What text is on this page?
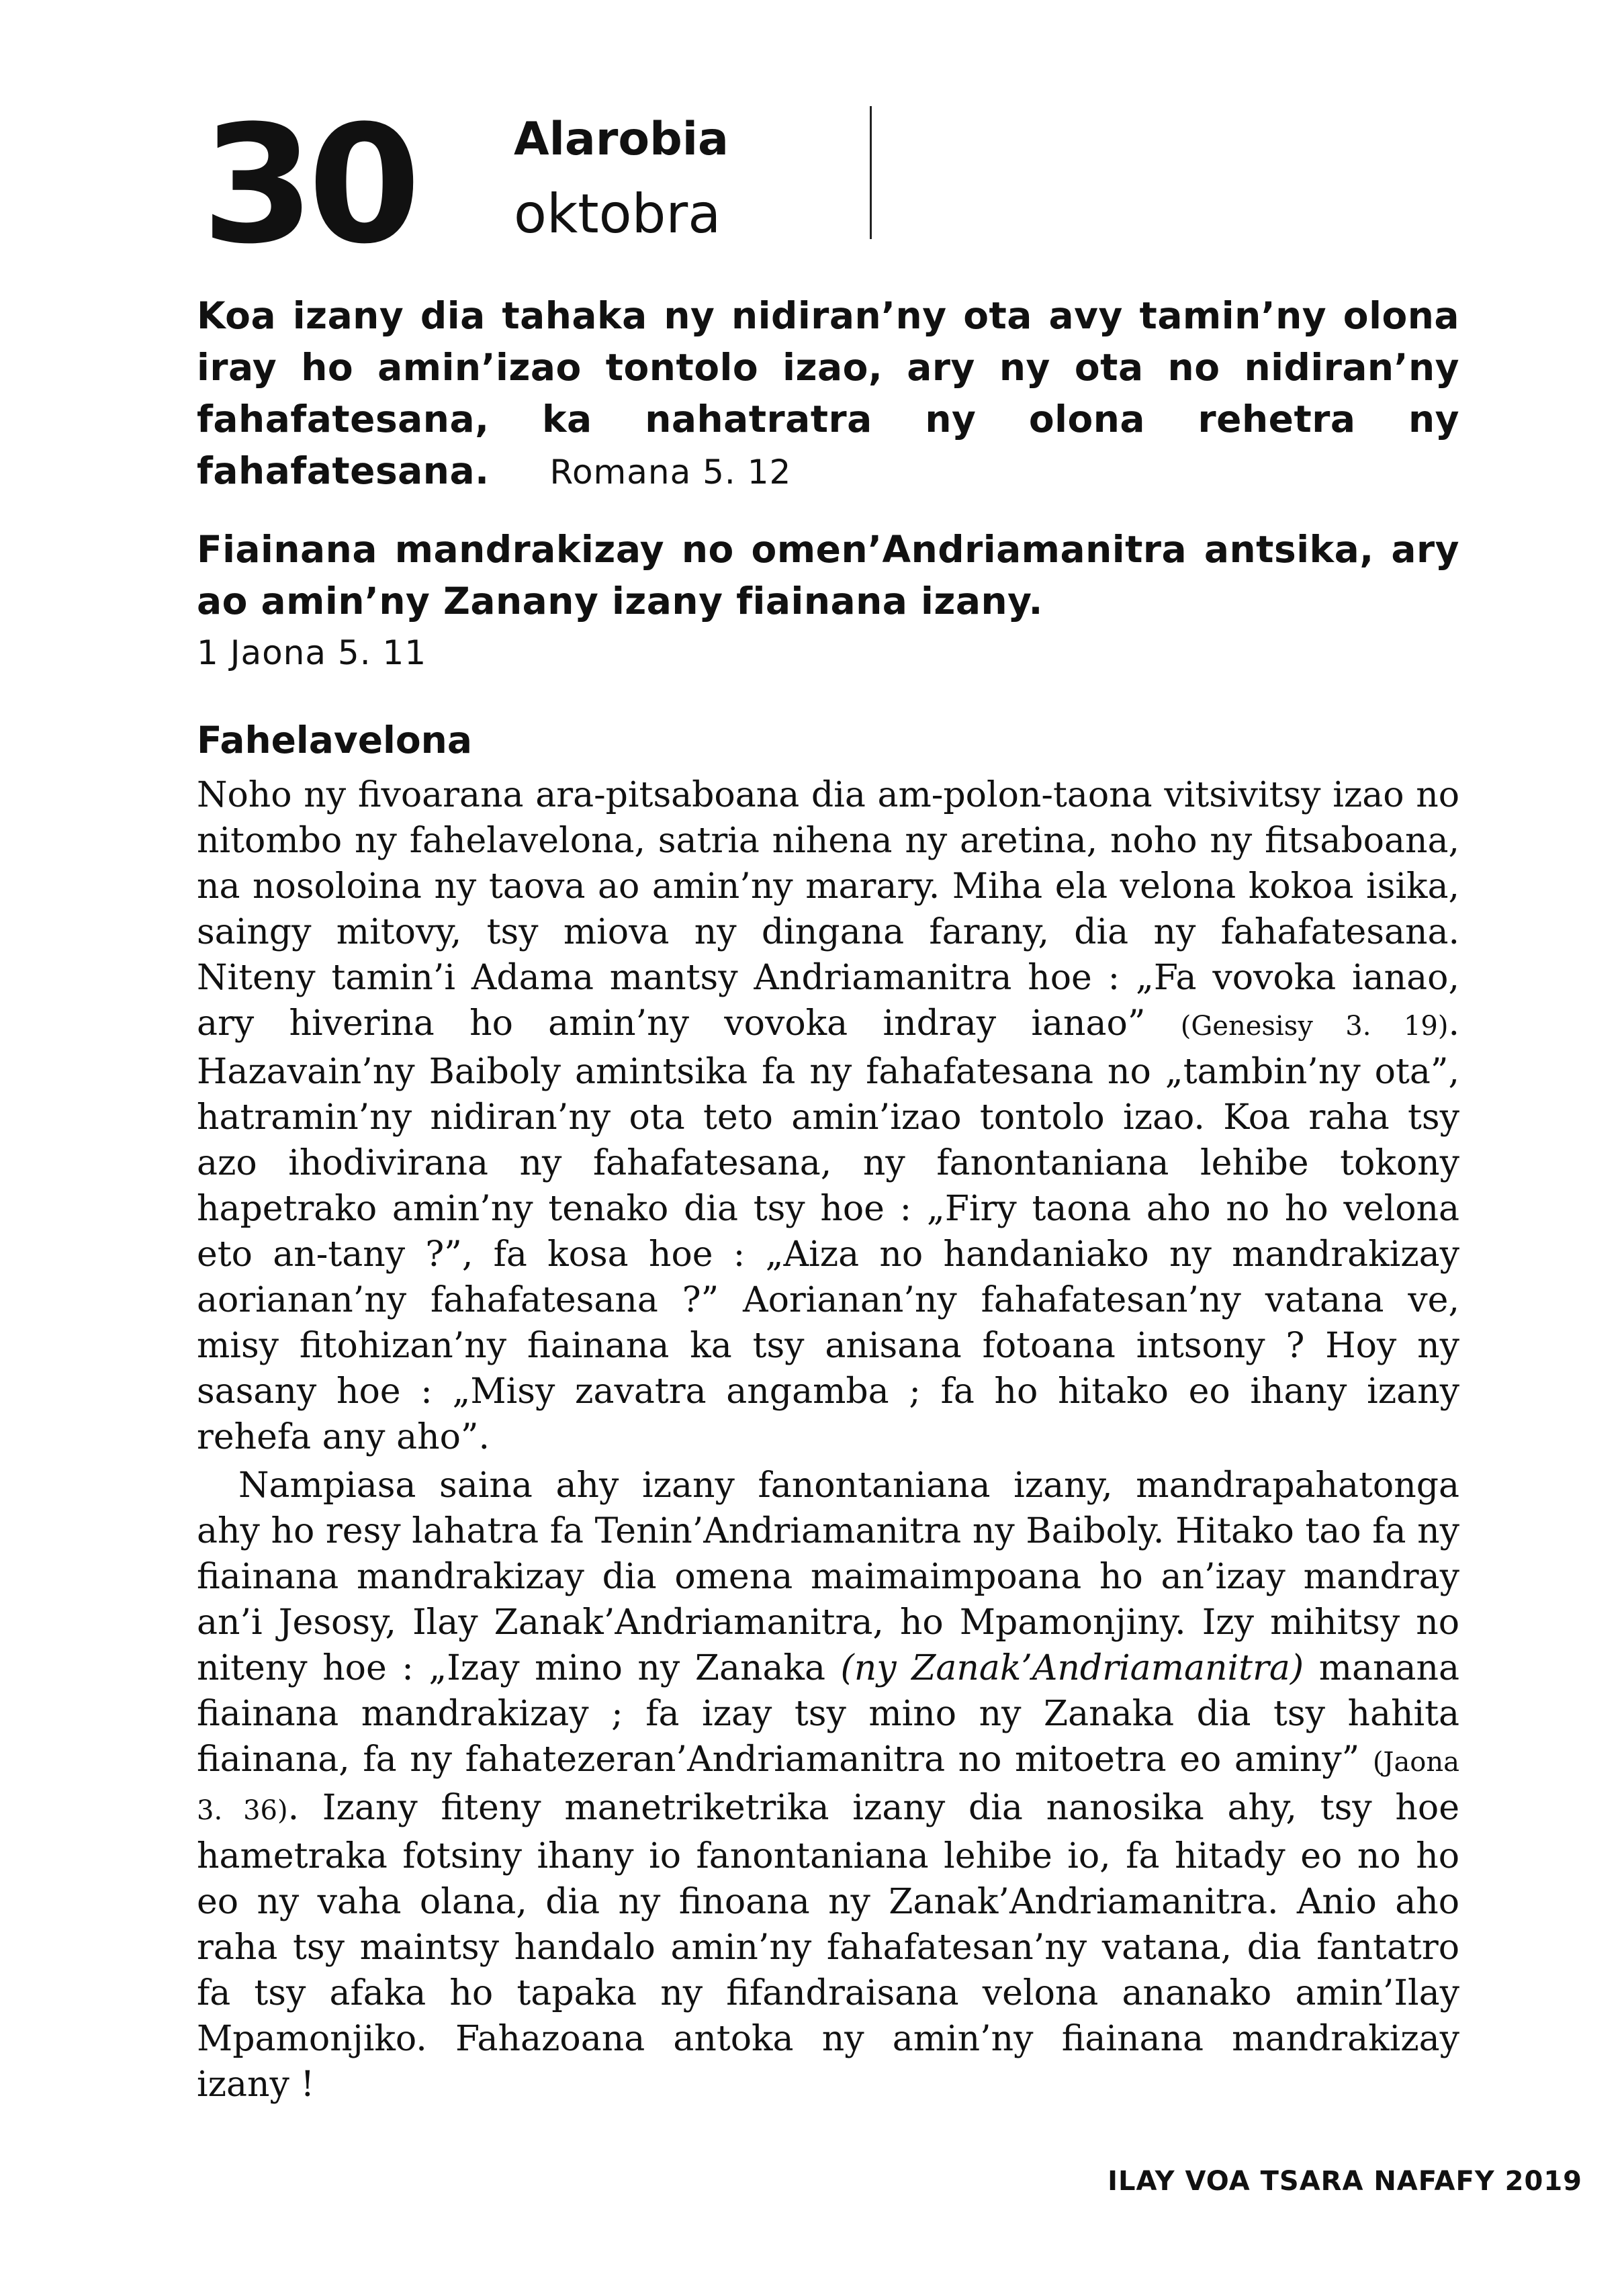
30 Alarobia
oktobra
Koa izany dia tahaka ny nidiran’ny ota avy tamin’ny olona iray ho amin’izao tontolo izao, ary ny ota no nidiran’ny fahafatesana, ka nahatratra ny olona rehetra ny fahafatesana. Romana 5. 12
Fiainana mandrakizay no omen’Andriamanitra antsika, ary ao amin’ny Zanany izany fiainana izany.
1 Jaona 5. 11
Fahelavelona

Noho ny fivoarana ara-pitsaboana dia am-polon-taona vitsivitsy izao no nitombo ny fahelavelona, satria nihena ny aretina, noho ny fitsaboana, na nosoloina ny taova ao amin’ny marary. Miha ela velona kokoa isika, saingy mitovy, tsy miova ny dingana farany, dia ny fahafatesana. Niteny tamin’i Adama mantsy Andriamanitra hoe : „Fa vovoka ianao, ary hiverina ho amin’ny vovoka indray ianao” (Genesisy 3. 19). Hazavain’ny Baiboly amintsika fa ny fahafatesana no „tambin’ny ota”, hatramin’ny nidiran’ny ota teto amin’izao tontolo izao. Koa raha tsy azo ihodivirana ny fahafatesana, ny fanontaniana lehibe tokony hapetrako amin’ny tenako dia tsy hoe : „Firy taona aho no ho velona eto an-tany ?”, fa kosa hoe : „Aiza no handaniako ny mandrakizay aorianan’ny fahafatesana ?” Aorianan’ny fahafatesan’ny vatana ve, misy fitohizan’ny fiainana ka tsy anisana fotoana intsony ? Hoy ny sasany hoe : „Misy zavatra angamba ; fa ho hitako eo ihany izany rehefa any aho”.

Nampiasa saina ahy izany fanontaniana izany, mandrapahatonga ahy ho resy lahatra fa Tenin’Andriamanitra ny Baiboly. Hitako tao fa ny fiainana mandrakizay dia omena maimaimpoana ho an’izay mandray an’i Jesosy, Ilay Zanak’Andriamanitra, ho Mpamonjiny. Izy mihitsy no niteny hoe : „Izay mino ny Zanaka (ny Zanak’Andriamanitra) manana fiainana mandrakizay ; fa izay tsy mino ny Zanaka dia tsy hahita fiainana, fa ny fahatezeran’Andriamanitra no mitoetra eo aminy” (Jaona 3. 36). Izany fiteny manetriketrika izany dia nanosika ahy, tsy hoe hametraka fotsiny ihany io fanontaniana lehibe io, fa hitady eo no ho eo ny vaha olana, dia ny finoana ny Zanak’Andriamanitra. Anio aho raha tsy maintsy handalo amin’ny fahafatesan’ny vatana, dia fantatro fa tsy afaka ho tapaka ny fifandraisana velona ananako amin’Ilay Mpamonjiko. Fahazoana antoka ny amin’ny fiainana mandrakizay izany !

ILAY VOA TSARA NAFAFY 2019
